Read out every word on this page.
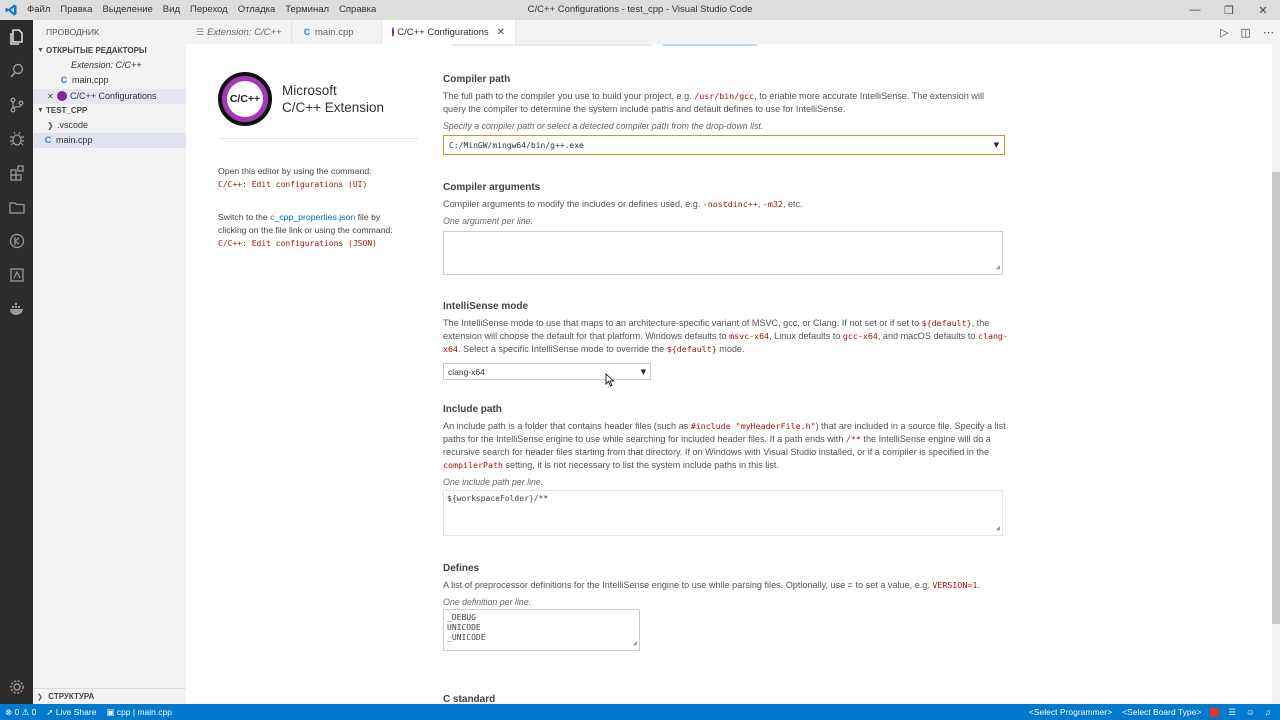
Файл	Правка	Выделение	Вид	Переход	Отладка	Терминал	Справка	C/C++ Configurations - test_cpp - Visual Studio Code	—	❐	✕
ПРОВОДНИК
▼ ОТКРЫТЫЕ РЕДАКТОРЫ
Extension: C/C++
C main.cpp
✕	C/C++ Configurations
▼ TEST_CPP
❯ .vscode
C main.cpp
❯ СТРУКТУРА
☰ Extension: C/C++ C main.cpp	C/C++ Configurations ✕	▷ ◫ ⋯
C/C++
Microsoft
C/C++ Extension
Open this editor by using the command:
C/C++: Edit configurations (UI)
Switch to the c_cpp_properties.json file by clicking on the file link or using the command:
C/C++: Edit configurations (JSON)
Compiler path
The full path to the compiler you use to build your project, e.g. /usr/bin/gcc, to enable more accurate IntelliSense. The extension will query the compiler to determine the system include paths and default defines to use for IntelliSense.
Specify a compiler path or select a detected compiler path from the drop-down list.
C:/MinGW/mingw64/bin/g++.exe	▼
Compiler arguments
Compiler arguments to modify the includes or defines used, e.g. -nostdinc++, -m32, etc.
One argument per line.
◢
IntelliSense mode
The IntelliSense mode to use that maps to an architecture-specific variant of MSVC, gcc, or Clang. If not set or if set to ${default}, the extension will choose the default for that platform. Windows defaults to msvc-x64, Linux defaults to gcc-x64, and macOS defaults to clang-x64. Select a specific IntelliSense mode to override the ${default} mode.
clang-x64	▼
Include path
An include path is a folder that contains header files (such as #include "myHeaderFile.h") that are included in a source file. Specify a list paths for the IntelliSense engine to use while searching for included header files. If a path ends with /** the IntelliSense engine will do a recursive search for header files starting from that directory. If on Windows with Visual Studio installed, or if a compiler is specified in the compilerPath setting, it is not necessary to list the system include paths in this list.
One include path per line.
${workspaceFolder}/**
◢
Defines
A list of preprocessor definitions for the IntelliSense engine to use while parsing files. Optionally, use = to set a value, e.g. VERSION=1.
One definition per line.
_DEBUG
UNICODE
_UNICODE
◢
C standard
⊗ 0 ⚠ 0 ➚ Live Share ▣ cpp | main.cpp	<Select Programmer>	<Select Board Type>	☰	☺	♫
